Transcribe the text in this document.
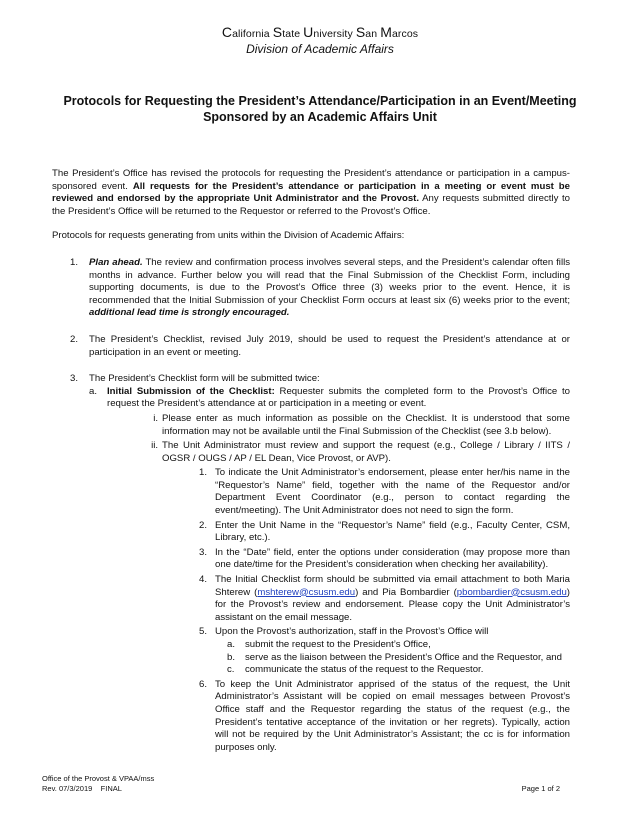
California State University San Marcos
Division of Academic Affairs
Protocols for Requesting the President’s Attendance/Participation in an Event/Meeting
Sponsored by an Academic Affairs Unit

The President’s Office has revised the protocols for requesting the President’s attendance or participation in a campus-sponsored event. All requests for the President’s attendance or participation in a meeting or event must be reviewed and endorsed by the appropriate Unit Administrator and the Provost. Any requests submitted directly to the President’s Office will be returned to the Requestor or referred to the Provost’s Office.

Protocols for requests generating from units within the Division of Academic Affairs:

1.	Plan ahead. The review and confirmation process involves several steps, and the President’s calendar often fills months in advance. Further below you will read that the Final Submission of the Checklist Form, including supporting documents, is due to the Provost’s Office three (3) weeks prior to the event. Hence, it is recommended that the Initial Submission of your Checklist Form occurs at least six (6) weeks prior to the event; additional lead time is strongly encouraged.
2.	The President’s Checklist, revised July 2019, should be used to request the President’s attendance at or participation in an event or meeting.
3.	The President’s Checklist form will be submitted twice:
a.	Initial Submission of the Checklist: Requester submits the completed form to the Provost’s Office to request the President’s attendance at or participation in a meeting or event.
i. Please enter as much information as possible on the Checklist. It is understood that some information may not be available until the Final Submission of the Checklist (see 3.b below).
ii. The Unit Administrator must review and support the request (e.g., College / Library / IITS / OGSR / OUGS / AP / EL Dean, Vice Provost, or AVP).
1. To indicate the Unit Administrator’s endorsement, please enter her/his name in the “Requestor’s Name” field, together with the name of the Requestor and/or Department Event Coordinator (e.g., person to contact regarding the event/meeting). The Unit Administrator does not need to sign the form.
2. Enter the Unit Name in the “Requestor’s Name” field (e.g., Faculty Center, CSM, Library, etc.).
3. In the “Date” field, enter the options under consideration (may propose more than one date/time for the President’s consideration when checking her availability).
4. The Initial Checklist form should be submitted via email attachment to both Maria Shterew (mshterew@csusm.edu) and Pia Bombardier (pbombardier@csusm.edu) for the Provost’s review and endorsement. Please copy the Unit Administrator’s assistant on the email message.
5. Upon the Provost’s authorization, staff in the Provost’s Office will
a.	submit the request to the President’s Office,
b.	serve as the liaison between the President’s Office and the Requestor, and
c.	communicate the status of the request to the Requestor.
6. To keep the Unit Administrator apprised of the status of the request, the Unit Administrator’s Assistant will be copied on email messages between Provost’s Office staff and the Requestor regarding the status of the request (e.g., the President’s tentative acceptance of the invitation or her regrets). Typically, action will not be required by the Unit Administrator’s Assistant; the cc is for information purposes only.
Office of the Provost & VPAA/mss
Rev. 07/3/2019    FINAL	Page 1 of 2
